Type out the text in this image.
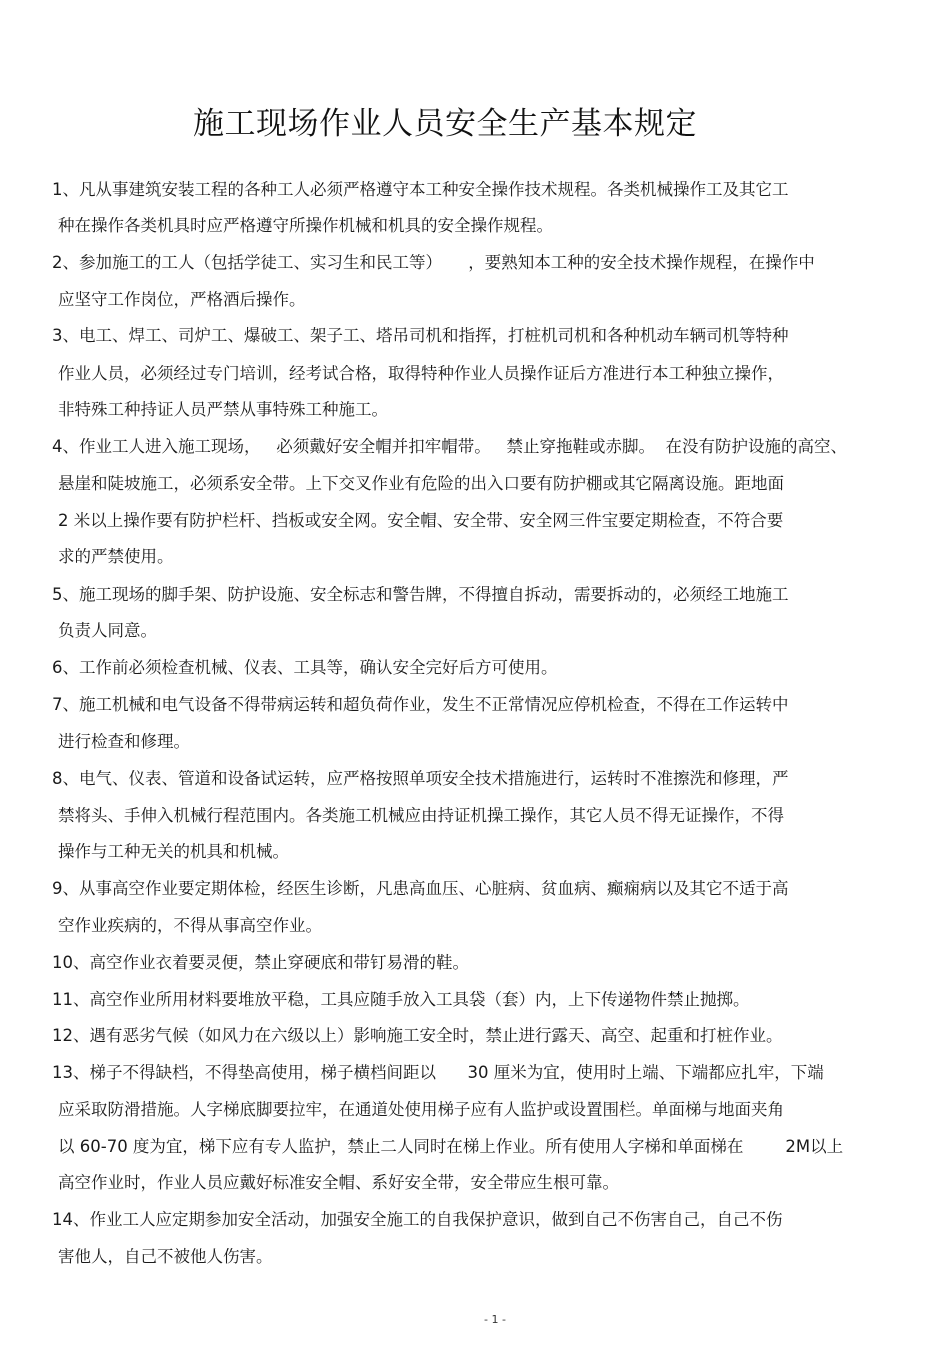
施工现场作业人员安全生产基本规定
1、凡从事建筑安装工程的各种工人必须严格遵守本工种安全操作技术规程。各类机械操作工及其它工
种在操作各类机具时应严格遵守所操作机械和机具的安全操作规程。
2、参加施工的工人（包括学徒工、实习生和民工等）     ，要熟知本工种的安全技术操作规程，在操作中
应坚守工作岗位，严格酒后操作。
3、电工、焊工、司炉工、爆破工、架子工、塔吊司机和指挥，打桩机司机和各种机动车辆司机等特种
作业人员，必须经过专门培训，经考试合格，取得特种作业人员操作证后方准进行本工种独立操作，
非特殊工种持证人员严禁从事特殊工种施工。
4、作业工人进入施工现场，   必须戴好安全帽并扣牢帽带。   禁止穿拖鞋或赤脚。  在没有防护设施的高空、
悬崖和陡坡施工，必须系安全带。上下交叉作业有危险的出入口要有防护棚或其它隔离设施。距地面
2 米以上操作要有防护栏杆、挡板或安全网。安全帽、安全带、安全网三件宝要定期检查，不符合要
求的严禁使用。
5、施工现场的脚手架、防护设施、安全标志和警告牌，不得擅自拆动，需要拆动的，必须经工地施工
负责人同意。
6、工作前必须检查机械、仪表、工具等，确认安全完好后方可使用。
7、施工机械和电气设备不得带病运转和超负荷作业，发生不正常情况应停机检查，不得在工作运转中
进行检查和修理。
8、电气、仪表、管道和设备试运转，应严格按照单项安全技术措施进行，运转时不准擦洗和修理，严
禁将头、手伸入机械行程范围内。各类施工机械应由持证机操工操作，其它人员不得无证操作，不得
操作与工种无关的机具和机械。
9、从事高空作业要定期体检，经医生诊断，凡患高血压、心脏病、贫血病、癫痫病以及其它不适于高
空作业疾病的，不得从事高空作业。
10、高空作业衣着要灵便，禁止穿硬底和带钉易滑的鞋。
11、高空作业所用材料要堆放平稳，工具应随手放入工具袋（套）内，上下传递物件禁止抛掷。
12、遇有恶劣气候（如风力在六级以上）影响施工安全时，禁止进行露天、高空、起重和打桩作业。
13、梯子不得缺档，不得垫高使用，梯子横档间距以      30 厘米为宜，使用时上端、下端都应扎牢，下端
应采取防滑措施。人字梯底脚要拉牢，在通道处使用梯子应有人监护或设置围栏。单面梯与地面夹角
以 60-70 度为宜，梯下应有专人监护，禁止二人同时在梯上作业。所有使用人字梯和单面梯在        2M以上
高空作业时，作业人员应戴好标准安全帽、系好安全带，安全带应生根可靠。
14、作业工人应定期参加安全活动，加强安全施工的自我保护意识，做到自己不伤害自己，自己不伤
害他人，自己不被他人伤害。
- 1 -
